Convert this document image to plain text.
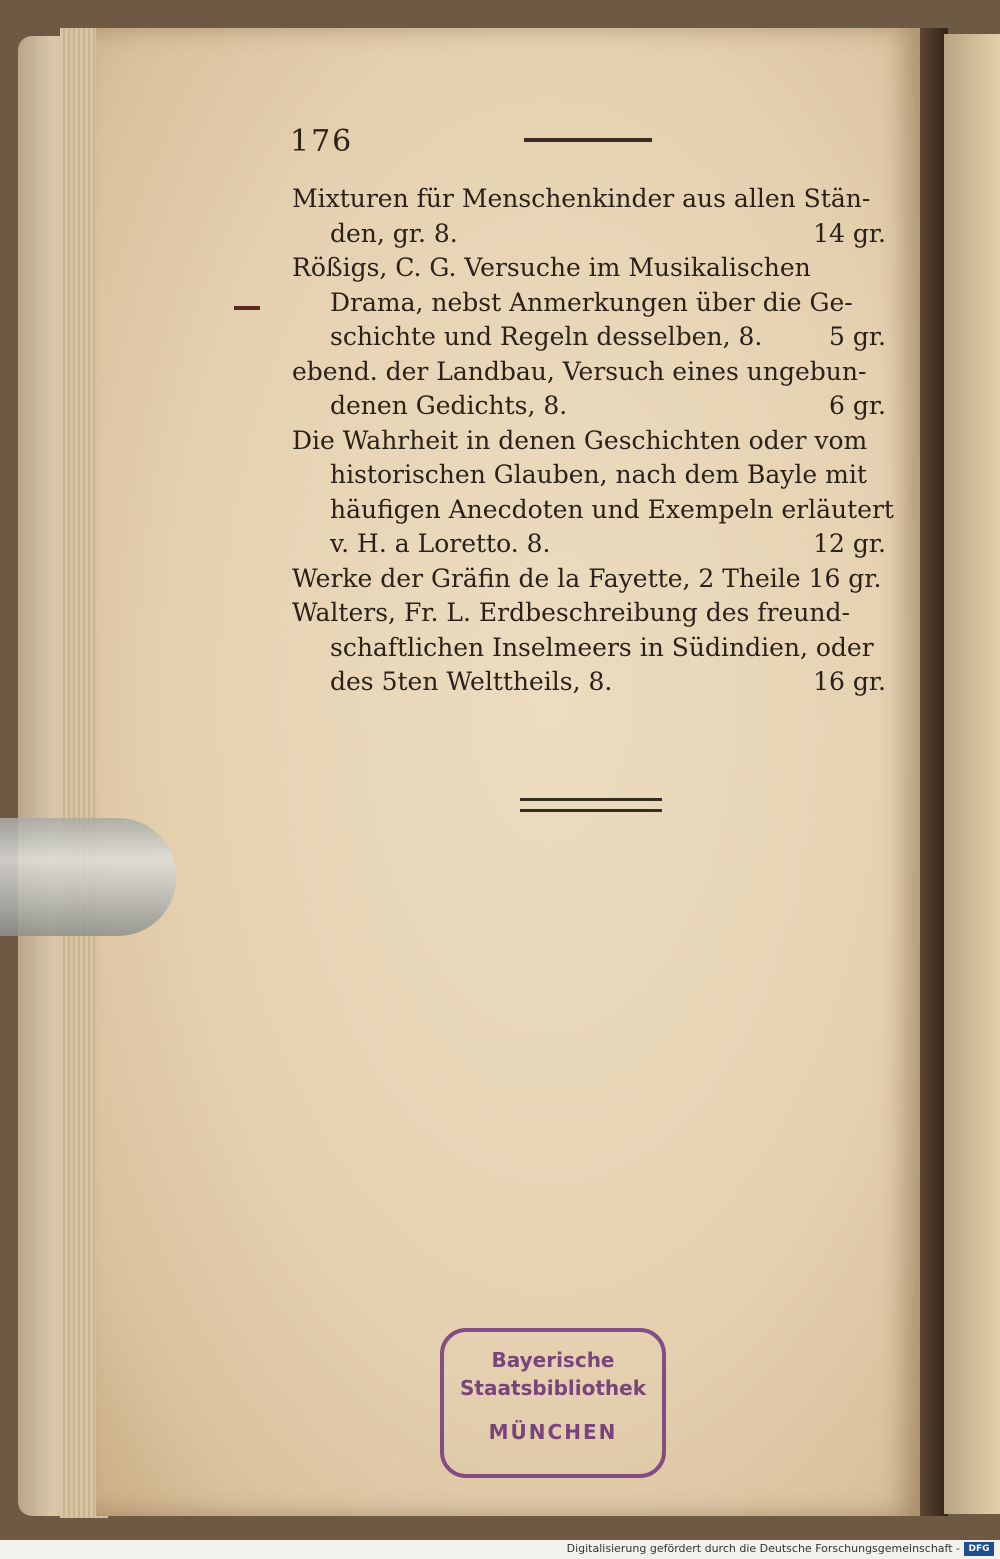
176
Mixturen für Menschenkinder aus allen Stän-
den, gr. 8.	14 gr.
Rößigs, C. G. Versuche im Musikalischen
Drama, nebst Anmerkungen über die Ge-
schichte und Regeln desselben, 8.	5 gr.
ebend. der Landbau, Versuch eines ungebun-
denen Gedichts, 8.	6 gr.
Die Wahrheit in denen Geschichten oder vom
historischen Glauben, nach dem Bayle mit
häufigen Anecdoten und Exempeln erläutert
v. H. a Loretto. 8.	12 gr.
Werke der Gräfin de la Fayette, 2 Theile 16 gr.
Walters, Fr. L. Erdbeschreibung des freund-
schaftlichen Inselmeers in Südindien, oder
des 5ten Welttheils, 8.	16 gr.
Bayerische
Staatsbibliothek
MÜNCHEN
Digitalisierung gefördert durch die Deutsche Forschungsgemeinschaft - DFG
